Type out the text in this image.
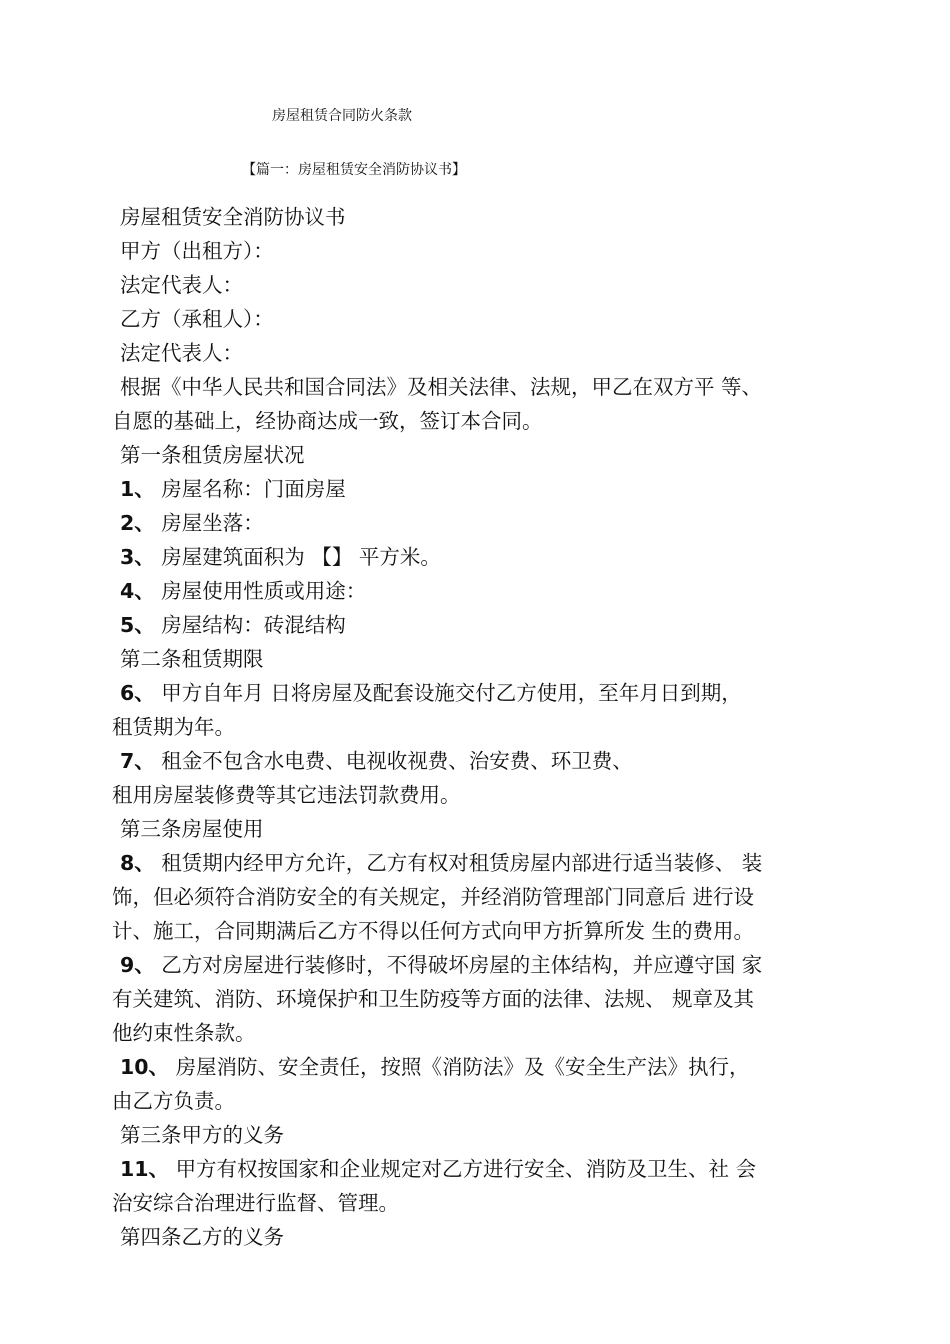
房屋租赁合同防火条款
【篇一：房屋租赁安全消防协议书】
房屋租赁安全消防协议书
甲方（出租方）：
法定代表人：
乙方（承租人）：
法定代表人：
根据《中华人民共和国合同法》及相关法律、法规，甲乙在双方平 等、
自愿的基础上，经协商达成一致，签订本合同。
第一条租赁房屋状况
1、 房屋名称：门面房屋
2、 房屋坐落：
3、 房屋建筑面积为 【】 平方米。
4、 房屋使用性质或用途：
5、 房屋结构：砖混结构
第二条租赁期限
6、 甲方自年月 日将房屋及配套设施交付乙方使用，至年月日到期，
租赁期为年。
7、 租金不包含水电费、电视收视费、治安费、环卫费、
租用房屋装修费等其它违法罚款费用。
第三条房屋使用
8、 租赁期内经甲方允许，乙方有权对租赁房屋内部进行适当装修、 装
饰，但必须符合消防安全的有关规定，并经消防管理部门同意后 进行设
计、施工，合同期满后乙方不得以任何方式向甲方折算所发 生的费用。
9、 乙方对房屋进行装修时，不得破坏房屋的主体结构，并应遵守国 家
有关建筑、消防、环境保护和卫生防疫等方面的法律、法规、 规章及其
他约束性条款。
10、 房屋消防、安全责任，按照《消防法》及《安全生产法》执行，
由乙方负责。
第三条甲方的义务
11、 甲方有权按国家和企业规定对乙方进行安全、消防及卫生、社 会
治安综合治理进行监督、管理。
第四条乙方的义务
